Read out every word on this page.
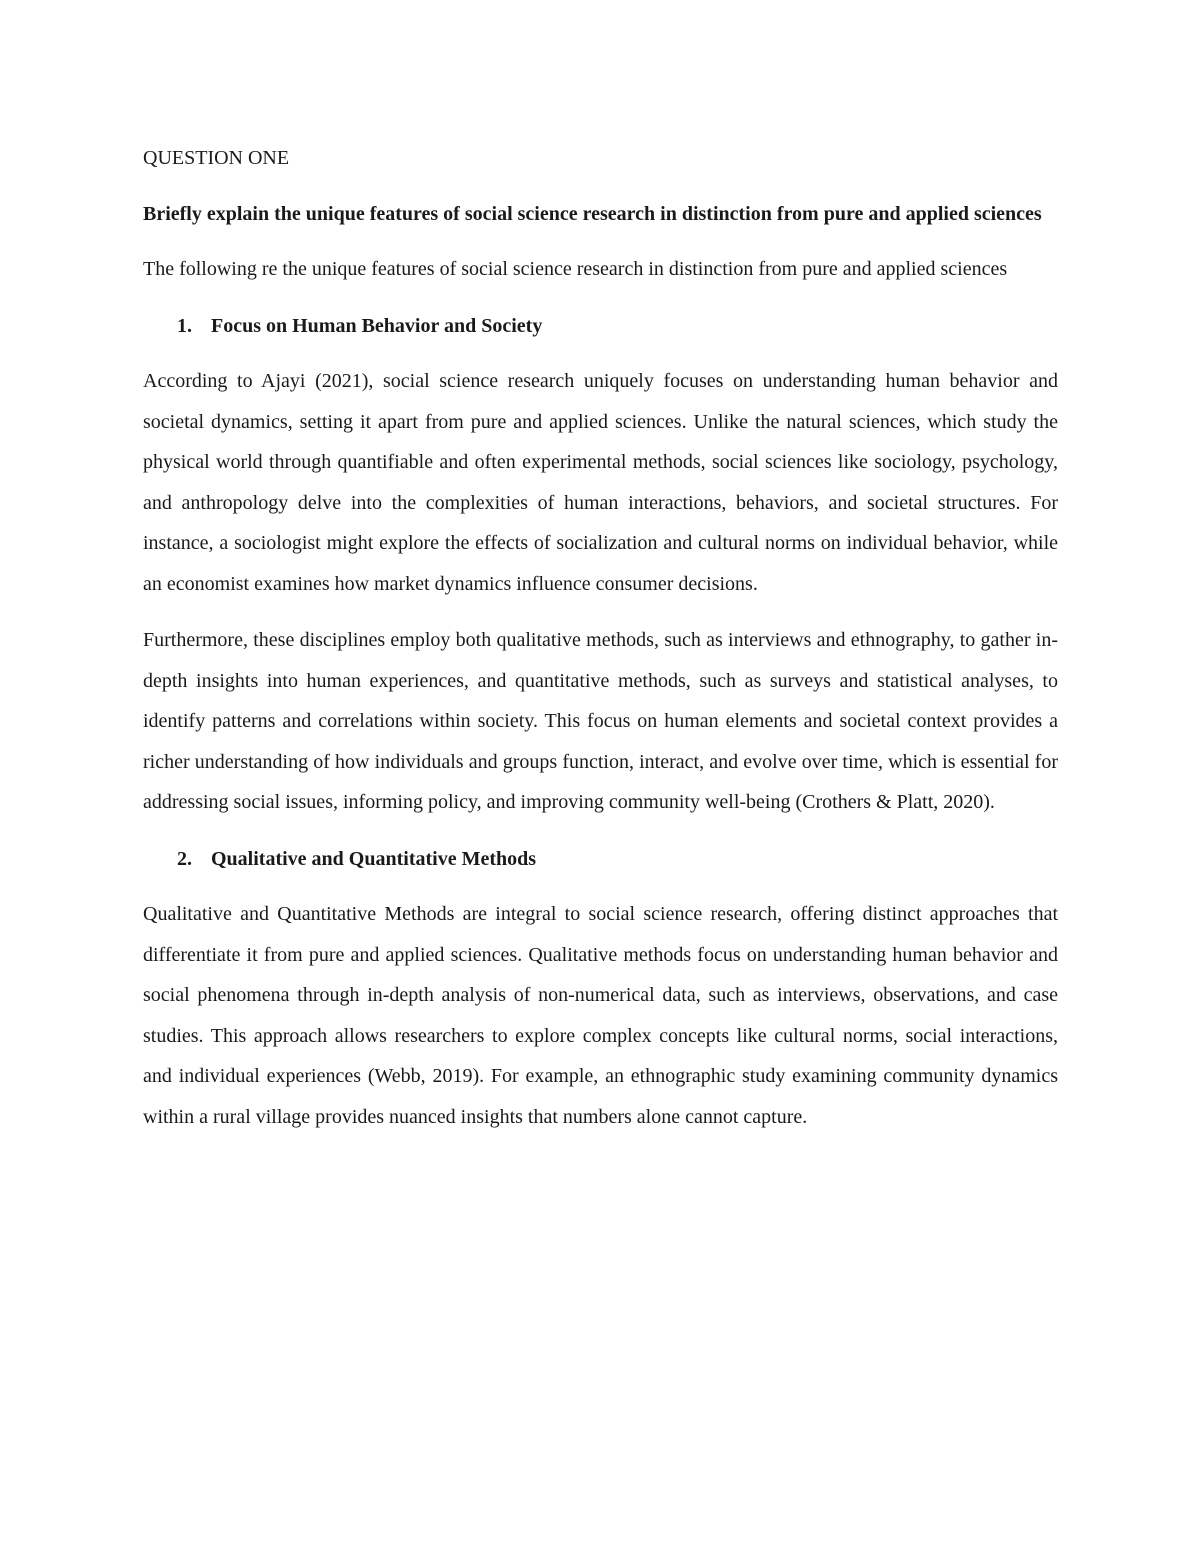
QUESTION ONE

Briefly explain the unique features of social science research in distinction from pure and applied sciences

The following re the unique features of social science research in distinction from pure and applied sciences

1. Focus on Human Behavior and Society

According to Ajayi (2021), social science research uniquely focuses on understanding human behavior and societal dynamics, setting it apart from pure and applied sciences. Unlike the natural sciences, which study the physical world through quantifiable and often experimental methods, social sciences like sociology, psychology, and anthropology delve into the complexities of human interactions, behaviors, and societal structures. For instance, a sociologist might explore the effects of socialization and cultural norms on individual behavior, while an economist examines how market dynamics influence consumer decisions.

Furthermore, these disciplines employ both qualitative methods, such as interviews and ethnography, to gather in-depth insights into human experiences, and quantitative methods, such as surveys and statistical analyses, to identify patterns and correlations within society. This focus on human elements and societal context provides a richer understanding of how individuals and groups function, interact, and evolve over time, which is essential for addressing social issues, informing policy, and improving community well-being (Crothers & Platt, 2020).

2. Qualitative and Quantitative Methods

Qualitative and Quantitative Methods are integral to social science research, offering distinct approaches that differentiate it from pure and applied sciences. Qualitative methods focus on understanding human behavior and social phenomena through in-depth analysis of non-numerical data, such as interviews, observations, and case studies. This approach allows researchers to explore complex concepts like cultural norms, social interactions, and individual experiences (Webb, 2019). For example, an ethnographic study examining community dynamics within a rural village provides nuanced insights that numbers alone cannot capture.
